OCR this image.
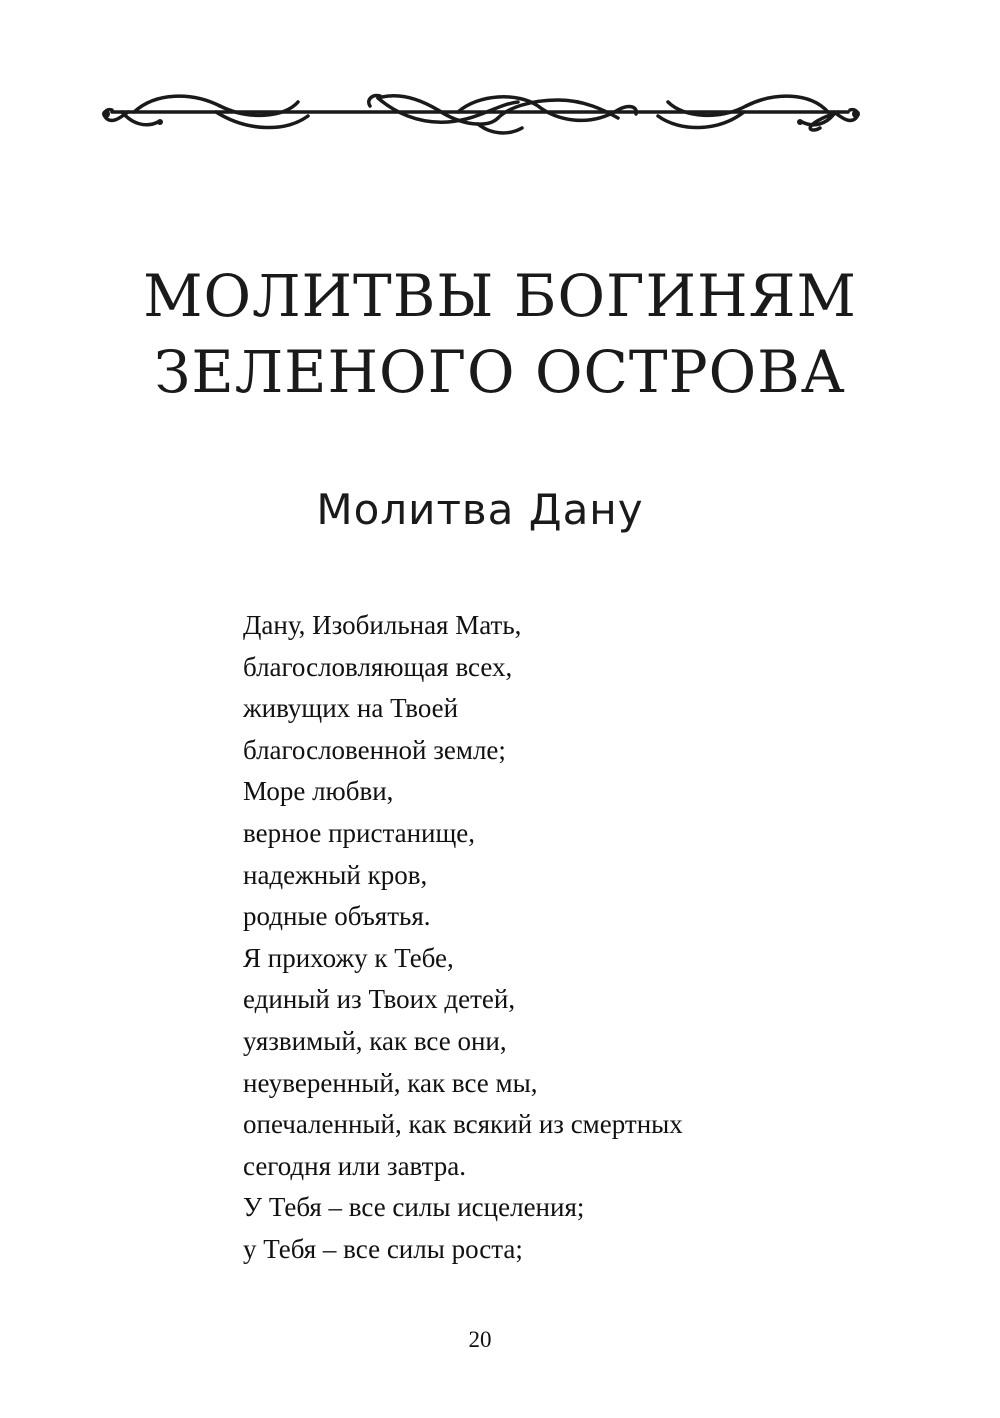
МОЛИТВЫ БОГИНЯМ
ЗЕЛЕНОГО ОСТРОВА
Молитва Дану
Дану, Изобильная Мать,
благословляющая всех,
живущих на Твоей
благословенной земле;
Море любви,
верное пристанище,
надежный кров,
родные объятья.
Я прихожу к Тебе,
единый из Твоих детей,
уязвимый, как все они,
неуверенный, как все мы,
опечаленный, как всякий из смертных
сегодня или завтра.
У Тебя – все силы исцеления;
у Тебя – все силы роста;
20
